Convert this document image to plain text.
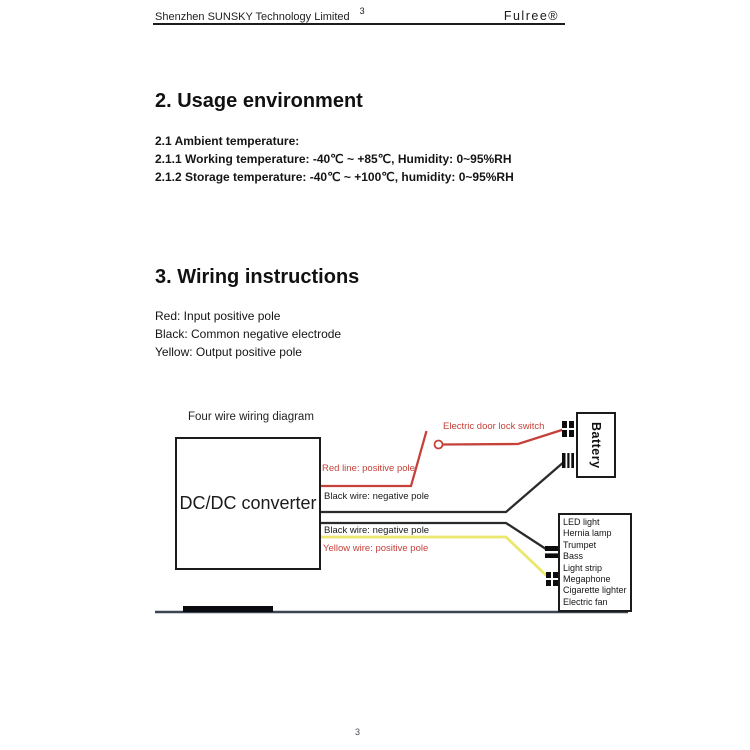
Shenzhen SUNSKY Technology Limited $^3$	Fulree®
2. Usage environment
2.1 Ambient temperature:
2.1.1 Working temperature: -40℃ ~ +85℃, Humidity: 0~95%RH
2.1.2 Storage temperature: -40℃ ~ +100℃, humidity: 0~95%RH
3. Wiring instructions
Red: Input positive pole
Black: Common negative electrode
Yellow: Output positive pole
Four wire wiring diagram
DC/DC converter
Battery
LED light
Hernia lamp
Trumpet
Bass
Light strip
Megaphone
Cigarette lighter
Electric fan
Electric door lock switch
Red line: positive pole
Black wire: negative pole
Black wire: negative pole
Yellow wire: positive pole
3
